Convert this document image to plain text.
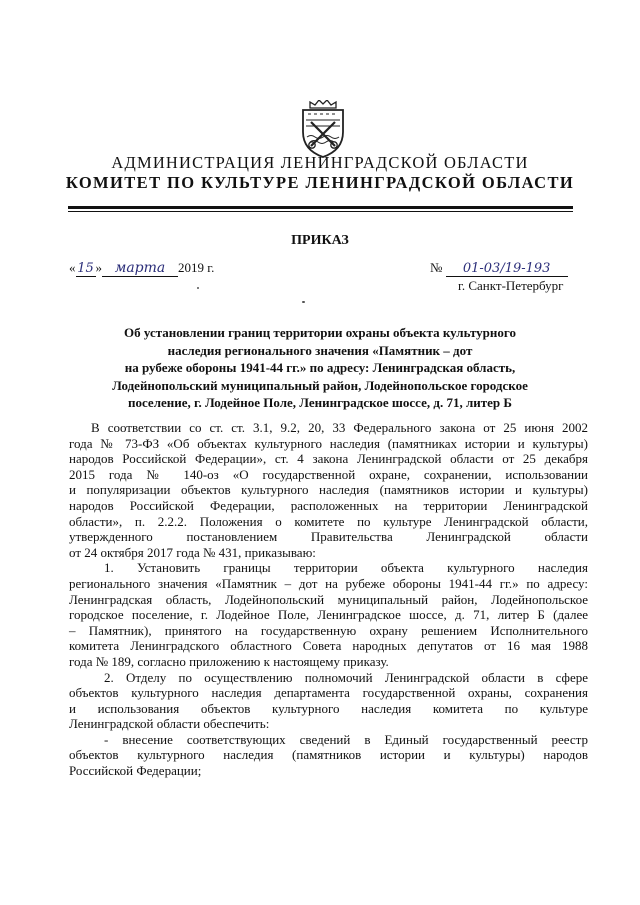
АДМИНИСТРАЦИЯ ЛЕНИНГРАДСКОЙ ОБЛАСТИ
КОМИТЕТ ПО КУЛЬТУРЕ ЛЕНИНГРАДСКОЙ ОБЛАСТИ
ПРИКАЗ
« 15 » марта 2019 г.	№ 01-03/19-193
г. Санкт-Петербург
Об установлении границ территории охраны объекта культурного
наследия регионального значения «Памятник – дот
на рубеже обороны 1941-44 гг.» по адресу: Ленинградская область,
Лодейнопольский муниципальный район, Лодейнопольское городское
поселение, г. Лодейное Поле, Ленинградское шоссе, д. 71, литер Б
В соответствии со ст. ст. 3.1, 9.2, 20, 33 Федерального закона от 25 июня 2002
года № 73-ФЗ «Об объектах культурного наследия (памятниках истории и культуры)
народов Российской Федерации», ст. 4 закона Ленинградской области от 25 декабря
2015 года № 140-оз «О государственной охране, сохранении, использовании
и популяризации объектов культурного наследия (памятников истории и культуры)
народов Российской Федерации, расположенных на территории Ленинградской
области», п. 2.2.2. Положения о комитете по культуре Ленинградской области,
утвержденного постановлением Правительства Ленинградской области
от 24 октября 2017 года № 431, приказываю:
1. Установить границы территории объекта культурного наследия
регионального значения «Памятник – дот на рубеже обороны 1941-44 гг.» по адресу:
Ленинградская область, Лодейнопольский муниципальный район, Лодейнопольское
городское поселение, г. Лодейное Поле, Ленинградское шоссе, д. 71, литер Б (далее
– Памятник), принятого на государственную охрану решением Исполнительного
комитета Ленинградского областного Совета народных депутатов от 16 мая 1988
года № 189, согласно приложению к настоящему приказу.
2. Отделу по осуществлению полномочий Ленинградской области в сфере
объектов культурного наследия департамента государственной охраны, сохранения
и использования объектов культурного наследия комитета по культуре
Ленинградской области обеспечить:
- внесение соответствующих сведений в Единый государственный реестр
объектов культурного наследия (памятников истории и культуры) народов
Российской Федерации;
